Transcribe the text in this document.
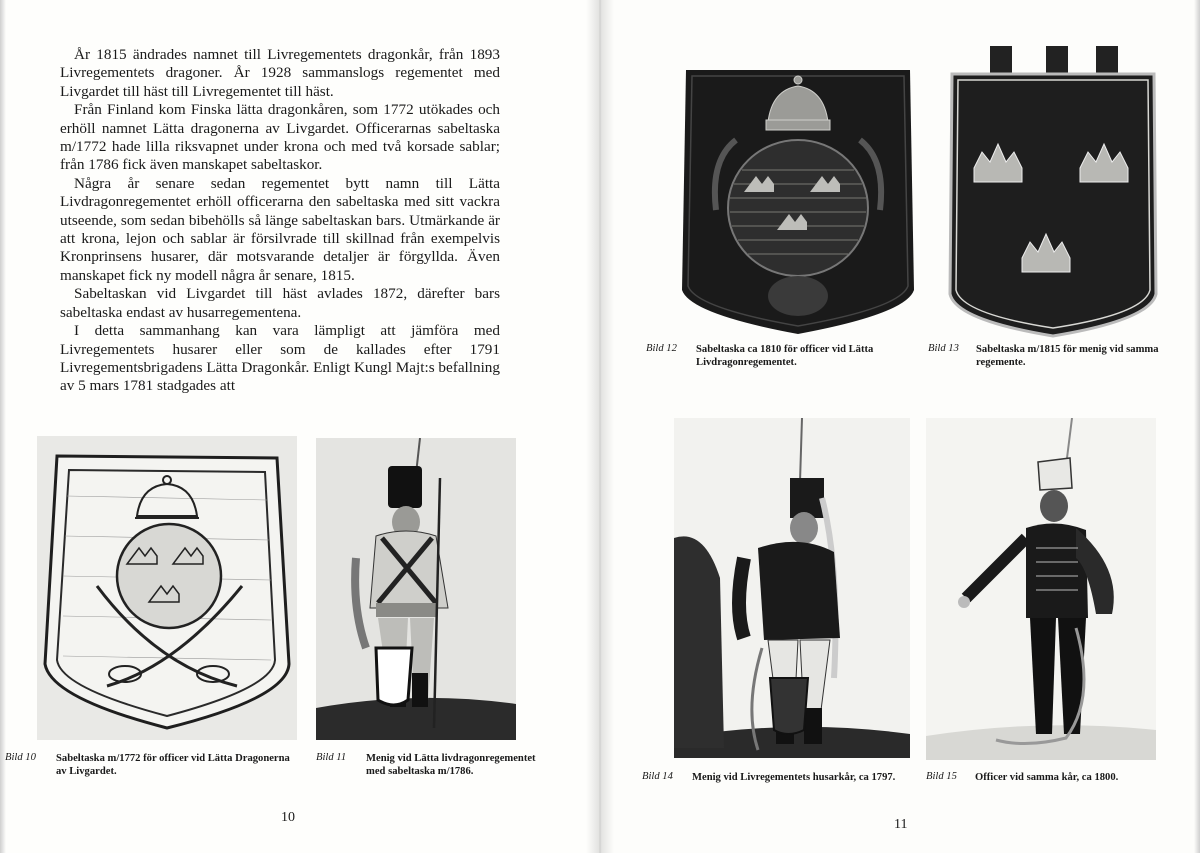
År 1815 ändrades namnet till Livregementets dragonkår, från 1893 Livregementets dragoner. År 1928 sammanslogs regementet med Livgardet till häst till Livregementet till häst.

Från Finland kom Finska lätta dragonkåren, som 1772 utökades och erhöll namnet Lätta dragonerna av Livgardet. Officerarnas sabeltaska m/1772 hade lilla riksvapnet under krona och med två korsade sablar; från 1786 fick även manskapet sabeltaskor.

Några år senare sedan regementet bytt namn till Lätta Livdragonregementet erhöll officerarna den sabeltaska med sitt vackra utseende, som sedan bibehölls så länge sabeltaskan bars. Utmärkande är att krona, lejon och sablar är försilvrade till skillnad från exempelvis Kronprinsens husarer, där motsvarande detaljer är förgyllda. Även manskapet fick ny modell några år senare, 1815.

Sabeltaskan vid Livgardet till häst avlades 1872, därefter bars sabeltaska endast av husarregementena.

I detta sammanhang kan vara lämpligt att jämföra med Livregementets husarer eller som de kallades efter 1791 Livregementsbrigadens Lätta Dragonkår. Enligt Kungl Majt:s befallning av 5 mars 1781 stadgades att

Bild 10 Sabeltaska m/1772 för officer vid Lätta Dragonerna av Livgardet.
Bild 11 Menig vid Lätta livdragonregementet med sabeltaska m/1786.
10
Bild 12 Sabeltaska ca 1810 för officer vid Lätta Livdragonregementet.
Bild 13 Sabeltaska m/1815 för menig vid samma regemente.
Bild 14 Menig vid Livregementets husarkår, ca 1797.	Bild 15 Officer vid samma kår, ca 1800.
11
